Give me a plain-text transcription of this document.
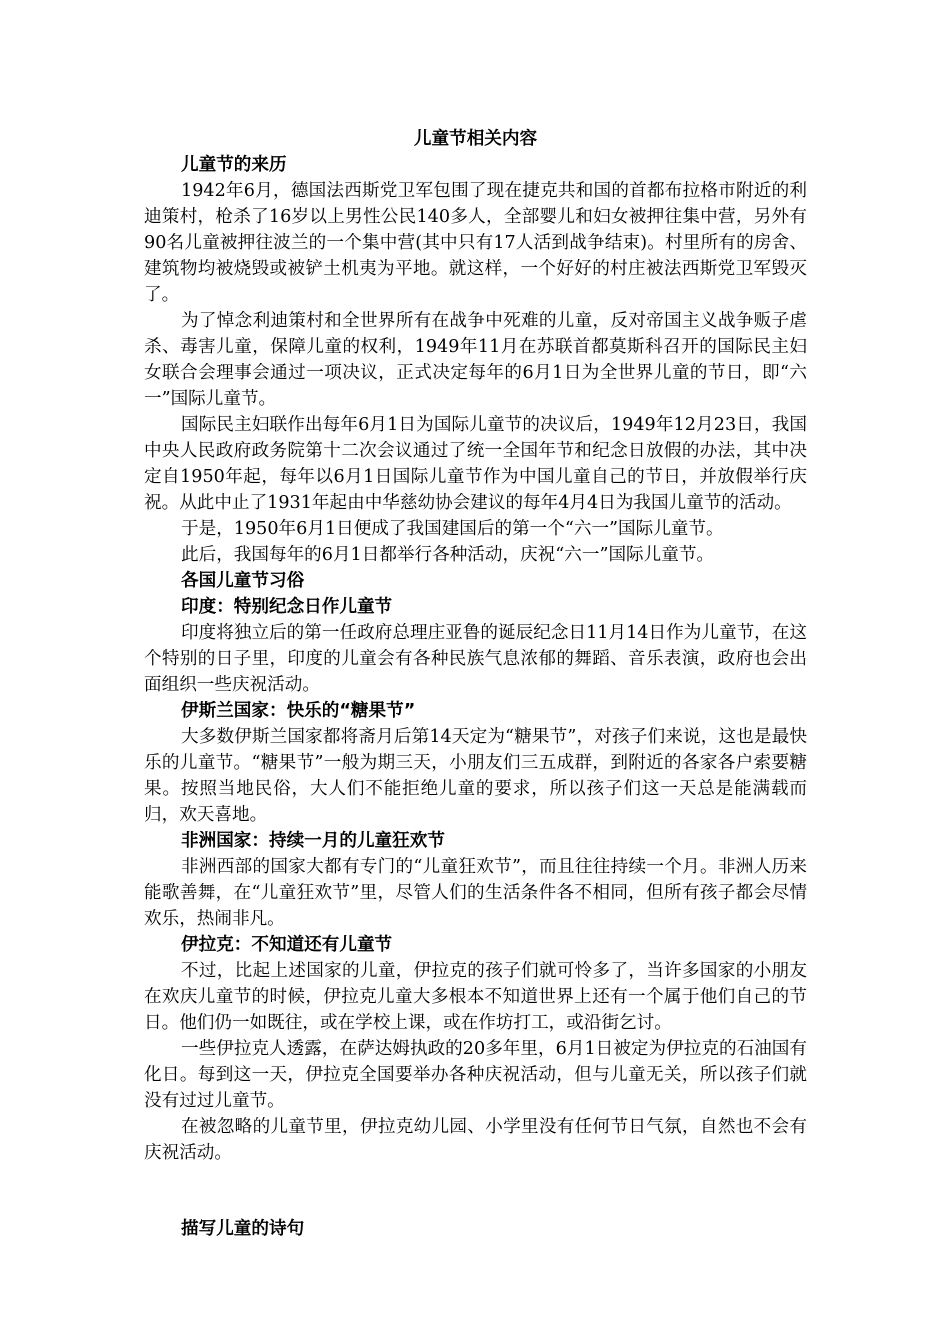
儿童节相关内容
儿童节的来历

1942年6月，德国法西斯党卫军包围了现在捷克共和国的首都布拉格市附近的利迪策村，枪杀了16岁以上男性公民140多人，全部婴儿和妇女被押往集中营，另外有90名儿童被押往波兰的一个集中营(其中只有17人活到战争结束)。村里所有的房舍、建筑物均被烧毁或被铲土机夷为平地。就这样，一个好好的村庄被法西斯党卫军毁灭了。

为了悼念利迪策村和全世界所有在战争中死难的儿童，反对帝国主义战争贩子虐杀、毒害儿童，保障儿童的权利，1949年11月在苏联首都莫斯科召开的国际民主妇女联合会理事会通过一项决议，正式决定每年的6月1日为全世界儿童的节日，即“六一”国际儿童节。

国际民主妇联作出每年6月1日为国际儿童节的决议后，1949年12月23日，我国中央人民政府政务院第十二次会议通过了统一全国年节和纪念日放假的办法，其中决定自1950年起，每年以6月1日国际儿童节作为中国儿童自己的节日，并放假举行庆祝。从此中止了1931年起由中华慈幼协会建议的每年4月4日为我国儿童节的活动。

于是，1950年6月1日便成了我国建国后的第一个“六一”国际儿童节。

此后，我国每年的6月1日都举行各种活动，庆祝“六一”国际儿童节。

各国儿童节习俗
印度：特别纪念日作儿童节

印度将独立后的第一任政府总理庄亚鲁的诞辰纪念日11月14日作为儿童节，在这个特别的日子里，印度的儿童会有各种民族气息浓郁的舞蹈、音乐表演，政府也会出面组织一些庆祝活动。

伊斯兰国家：快乐的“糖果节”

大多数伊斯兰国家都将斋月后第14天定为“糖果节”，对孩子们来说，这也是最快乐的儿童节。“糖果节”一般为期三天，小朋友们三五成群，到附近的各家各户索要糖果。按照当地民俗，大人们不能拒绝儿童的要求，所以孩子们这一天总是能满载而归，欢天喜地。

非洲国家：持续一月的儿童狂欢节

非洲西部的国家大都有专门的“儿童狂欢节”，而且往往持续一个月。非洲人历来能歌善舞，在“儿童狂欢节”里，尽管人们的生活条件各不相同，但所有孩子都会尽情欢乐，热闹非凡。

伊拉克：不知道还有儿童节

不过，比起上述国家的儿童，伊拉克的孩子们就可怜多了，当许多国家的小朋友在欢庆儿童节的时候，伊拉克儿童大多根本不知道世界上还有一个属于他们自己的节日。他们仍一如既往，或在学校上课，或在作坊打工，或沿街乞讨。

一些伊拉克人透露，在萨达姆执政的20多年里，6月1日被定为伊拉克的石油国有化日。每到这一天，伊拉克全国要举办各种庆祝活动，但与儿童无关，所以孩子们就没有过过儿童节。

在被忽略的儿童节里，伊拉克幼儿园、小学里没有任何节日气氛，自然也不会有庆祝活动。

描写儿童的诗句
